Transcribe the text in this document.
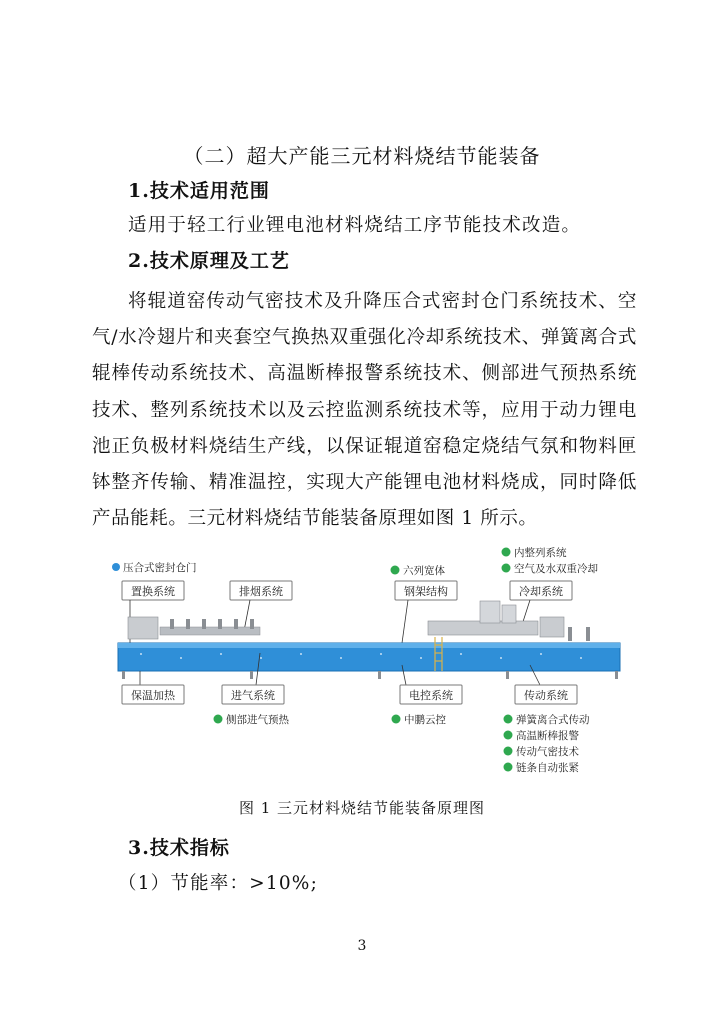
（二）超大产能三元材料烧结节能装备
1.技术适用范围
适用于轻工行业锂电池材料烧结工序节能技术改造。
2.技术原理及工艺
将辊道窑传动气密技术及升降压合式密封仓门系统技术、空
气/水冷翅片和夹套空气换热双重强化冷却系统技术、弹簧离合式
辊棒传动系统技术、高温断棒报警系统技术、侧部进气预热系统
技术、整列系统技术以及云控监测系统技术等，应用于动力锂电
池正负极材料烧结生产线，以保证辊道窑稳定烧结气氛和物料匣
钵整齐传输、精准温控，实现大产能锂电池材料烧成，同时降低
产品能耗。三元材料烧结节能装备原理如图 1 所示。
压合式密封仓门	六列宽体
内整列系统
空气及水双重冷却
置换系统	排烟系统	钢架结构	冷却系统
保温加热	进气系统	电控系统	传动系统
侧部进气预热	中鹏云控	弹簧离合式传动
高温断棒报警
传动气密技术
链条自动张紧
图 1 三元材料烧结节能装备原理图
3.技术指标
（1）节能率：>10%;
3
